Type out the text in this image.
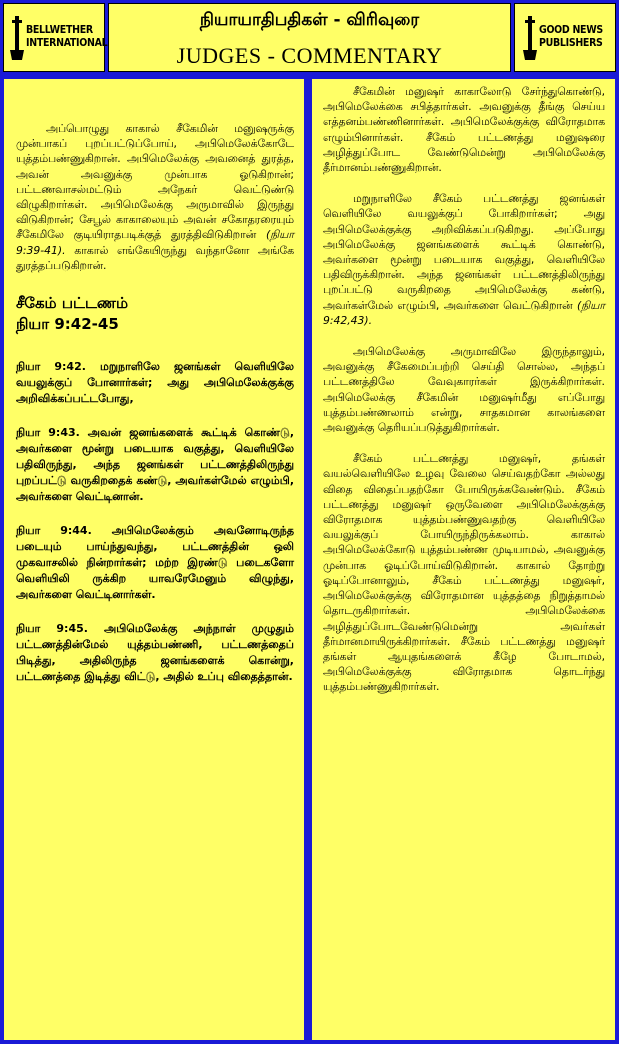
BELLWETHER
INTERNATIONAL
நியாயாதிபதிகள் - விரிவுரை
JUDGES - COMMENTARY
GOOD NEWS
PUBLISHERS

அப்பொழுது காகால் சீகேமின் மனுஷருக்கு முன்பாகப் புறப்பட்டுப்போய், அபிமெலேக்கோடே யுத்தம்பண்ணுகிறான். அபிமெலேக்கு அவனைத் துரத்த, அவன் அவனுக்கு முன்பாக ஓடுகிறான்; பட்டணவாசல்மட்டும் அநேகர் வெட்டுண்டு விழுகிறார்கள். அபிமெலேக்கு அருமாவில் இருந்து விடுகிறான்; சேபூல் காகாலையும் அவன் சகோதரரையும் சீகேமிலே குடியிராதபடிக்குத் துரத்திவிடுகிறான் (நியா 9:39-41). காகால் எங்கேயிருந்து வந்தானோ அங்கே துரத்தப்படுகிறான்.

சீகேம் பட்டணம்
நியா 9:42-45

நியா 9:42. மறுநாளிலே ஜனங்கள் வெளியிலே வயலுக்குப் போனார்கள்; அது அபிமெலேக்குக்கு அறிவிக்கப்பட்டபோது,

நியா 9:43. அவன் ஜனங்களைக் கூட்டிக் கொண்டு, அவர்களை மூன்று படையாக வகுத்து, வெளியிலே பதிவிருந்து, அந்த ஜனங்கள் பட்டணத்திலிருந்து புறப்பட்டு வருகிறதைக் கண்டு, அவர்கள்மேல் எழும்பி, அவர்களை வெட்டினான்.

நியா 9:44. அபிமெலேக்கும் அவனோடிருந்த படையும் பாய்ந்துவந்து, பட்டணத்தின் ஒலி முகவாசலில் நின்றார்கள்; மற்ற இரண்டு படைகளோ வெளியிலி ருக்கிற யாவரேமேனும் விழுந்து, அவர்களை வெட்டினார்கள்.

நியா 9:45. அபிமெலேக்கு அந்நாள் முழுதும் பட்டணத்தின்மேல் யுத்தம்பண்ணி, பட்டணத்தைப் பிடித்து, அதிலிருந்த ஜனங்களைக் கொன்று, பட்டணத்தை இடித்து விட்டு, அதில் உப்பு விதைத்தான்.

சீகேமின் மனுஷர் காகாலோடு சேர்ந்துகொண்டு, அபிமெலேக்கை சபித்தார்கள். அவனுக்கு தீங்கு செய்ய எத்தனம்பண்ணினார்கள். அபிமெலேக்குக்கு விரோதமாக எழும்பினார்கள். சீகேம் பட்டணத்து மனுஷரை அழித்துப்போட வேண்டுமென்று அபிமெலேக்கு தீர்மானம்பண்ணுகிறான்.

மறுநாளிலே சீகேம் பட்டணத்து ஜனங்கள் வெளியிலே வயலுக்குப் போகிறார்கள்; அது அபிமெலேக்குக்கு அறிவிக்கப்படுகிறது. அப்போது அபிமெலேக்கு ஜனங்களைக் கூட்டிக் கொண்டு, அவர்களை மூன்று படையாக வகுத்து, வெளியிலே பதிவிருக்கிறான். அந்த ஜனங்கள் பட்டணத்திலிருந்து புறப்பட்டு வருகிறதை அபிமெலேக்கு கண்டு, அவர்கள்மேல் எழும்பி, அவர்களை வெட்டுகிறான் (நியா 9:42,43).

அபிமெலேக்கு அருமாவிலே இருந்தாலும், அவனுக்கு சீகேமைப்பற்றி செய்தி சொல்ல, அந்தப் பட்டணத்திலே வேவுகாரர்கள் இருக்கிறார்கள். அபிமெலேக்கு சீகேமின் மனுஷர்மீது எப்போது யுத்தம்பண்ணலாம் என்று, சாதகமான காலங்களை அவனுக்கு தெரியப்படுத்துகிறார்கள்.

சீகேம் பட்டணத்து மனுஷர், தங்கள் வயல்வெளியிலே உழவு வேலை செய்வதற்கோ அல்லது விதை விதைப்பதற்கோ போயிருக்கவேண்டும். சீகேம் பட்டணத்து மனுஷர் ஒருவேளை அபிமெலேக்குக்கு விரோதமாக யுத்தம்பண்ணுவதற்கு வெளியிலே வயலுக்குப் போயிருந்திருக்கலாம். காகால் அபிமெலேக்கோடு யுத்தம்பண்ண முடியாமல், அவனுக்கு முன்பாக ஓடிப்போய்விடுகிறான். காகால் தோற்று ஓடிப்போனாலும், சீகேம் பட்டணத்து மனுஷர், அபிமெலேக்குக்கு விரோதமான யுத்தத்தை நிறுத்தாமல் தொடருகிறார்கள். அபிமெலேக்கை அழித்துப்போடவேண்டுமென்று அவர்கள் தீர்மானமாயிருக்கிறார்கள். சீகேம் பட்டணத்து மனுஷர் தங்கள் ஆயுதங்களைக் கீழே போடாமல், அபிமெலேக்குக்கு விரோதமாக தொடர்ந்து யுத்தம்பண்ணுகிறார்கள்.
